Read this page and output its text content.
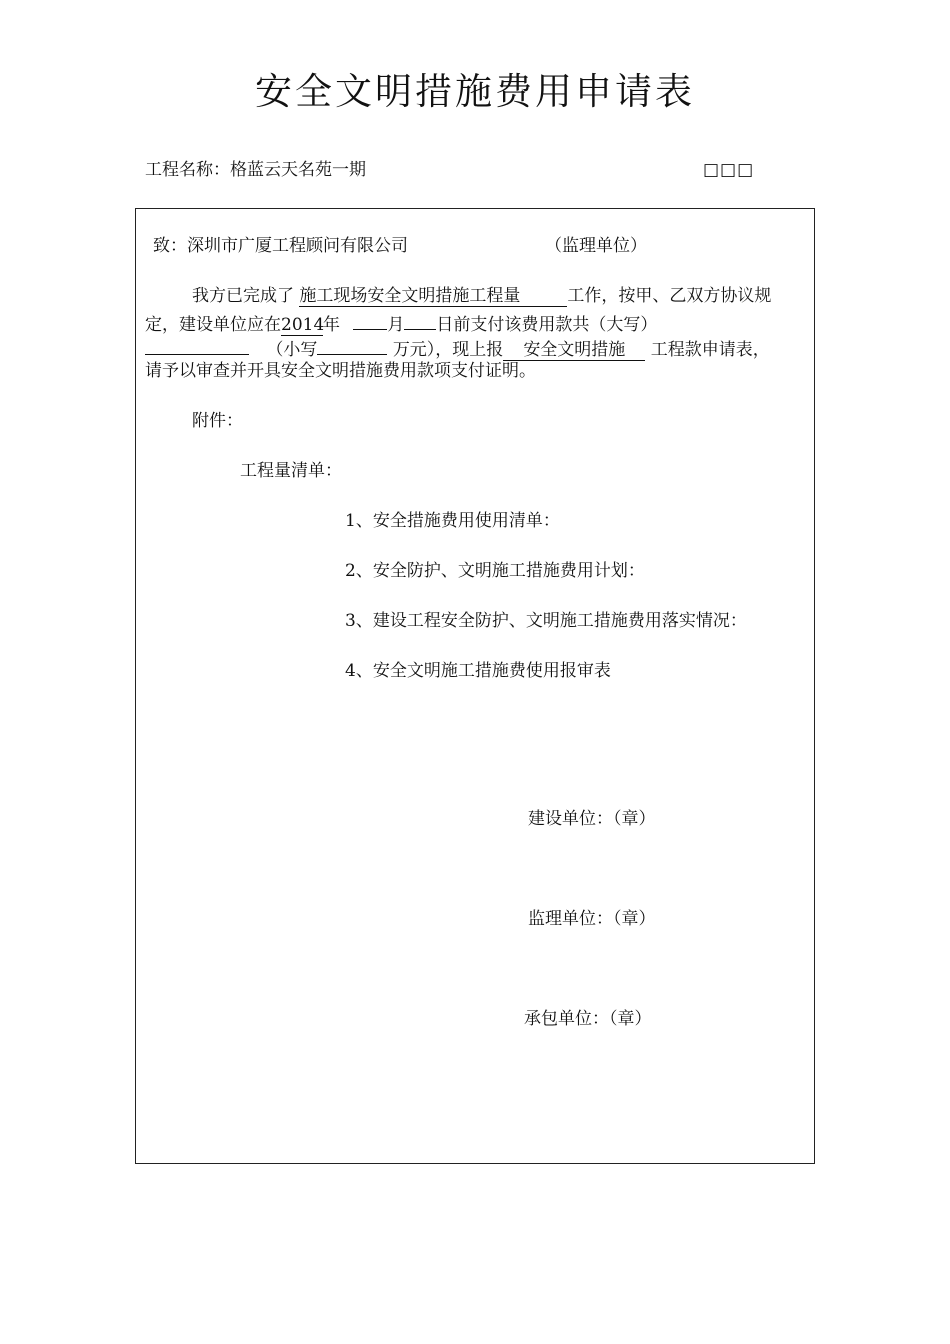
安全文明措施费用申请表
工程名称：格蓝云天名苑一期	□□□
致：深圳市广厦工程顾问有限公司	（监理单位）
我方已完成了 施工现场安全文明措施工程量	工作，按甲、乙双方协议规
定，建设单位应在2014年	月 日前支付该费用款共（大写）
（小写	万元），现上报 安全文明措施 工程款申请表，
请予以审查并开具安全文明措施费用款项支付证明。
附件：
工程量清单：
1、安全措施费用使用清单：
2、安全防护、文明施工措施费用计划：
3、建设工程安全防护、文明施工措施费用落实情况：
4、安全文明施工措施费使用报审表
建设单位：（章）
监理单位：（章）
承包单位：（章）
